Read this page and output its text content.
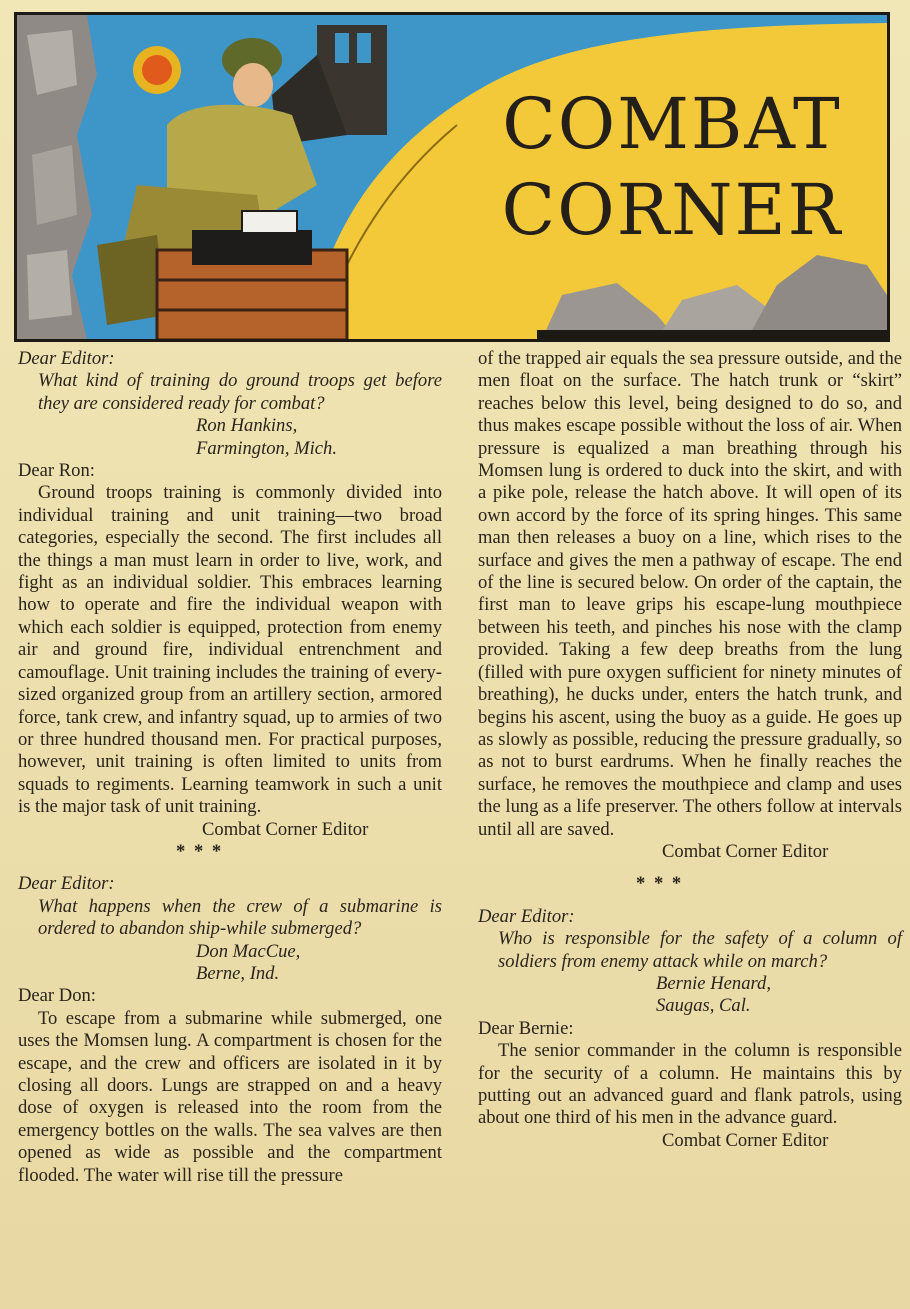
COMBAT
CORNER

Dear Editor:

What kind of training do ground troops get before they are considered ready for combat?

Ron Hankins,

Farmington, Mich.

Dear Ron:

Ground troops training is commonly divided into individual training and unit training—two broad categories, especially the second. The first includes all the things a man must learn in order to live, work, and fight as an individual soldier. This embraces learning how to operate and fire the individual weapon with which each soldier is equipped, protection from enemy air and ground fire, individual entrenchment and camouflage. Unit training includes the training of every-sized organized group from an artillery section, armored force, tank crew, and infantry squad, up to armies of two or three hundred thousand men. For practical purposes, however, unit training is often limited to units from squads to regiments. Learning teamwork in such a unit is the major task of unit training.

Combat Corner Editor

* * *

Dear Editor:

What happens when the crew of a submarine is ordered to abandon ship-while submerged?

Don MacCue,

Berne, Ind.

Dear Don:

To escape from a submarine while submerged, one uses the Momsen lung. A compartment is chosen for the escape, and the crew and officers are isolated in it by closing all doors. Lungs are strapped on and a heavy dose of oxygen is released into the room from the emergency bottles on the walls. The sea valves are then opened as wide as possible and the compartment flooded. The water will rise till the pressure

of the trapped air equals the sea pressure outside, and the men float on the surface. The hatch trunk or “skirt” reaches below this level, being designed to do so, and thus makes escape possible without the loss of air. When pressure is equalized a man breathing through his Momsen lung is ordered to duck into the skirt, and with a pike pole, release the hatch above. It will open of its own accord by the force of its spring hinges. This same man then releases a buoy on a line, which rises to the surface and gives the men a pathway of escape. The end of the line is secured below. On order of the captain, the first man to leave grips his escape-lung mouthpiece between his teeth, and pinches his nose with the clamp provided. Taking a few deep breaths from the lung (filled with pure oxygen sufficient for ninety minutes of breathing), he ducks under, enters the hatch trunk, and begins his ascent, using the buoy as a guide. He goes up as slowly as possible, reducing the pressure gradually, so as not to burst eardrums. When he finally reaches the surface, he removes the mouthpiece and clamp and uses the lung as a life preserver. The others follow at intervals until all are saved.

Combat Corner Editor

* * *

Dear Editor:

Who is responsible for the safety of a column of soldiers from enemy attack while on march?

Bernie Henard,

Saugas, Cal.

Dear Bernie:

The senior commander in the column is responsible for the security of a column. He maintains this by putting out an advanced guard and flank patrols, using about one third of his men in the advance guard.

Combat Corner Editor
